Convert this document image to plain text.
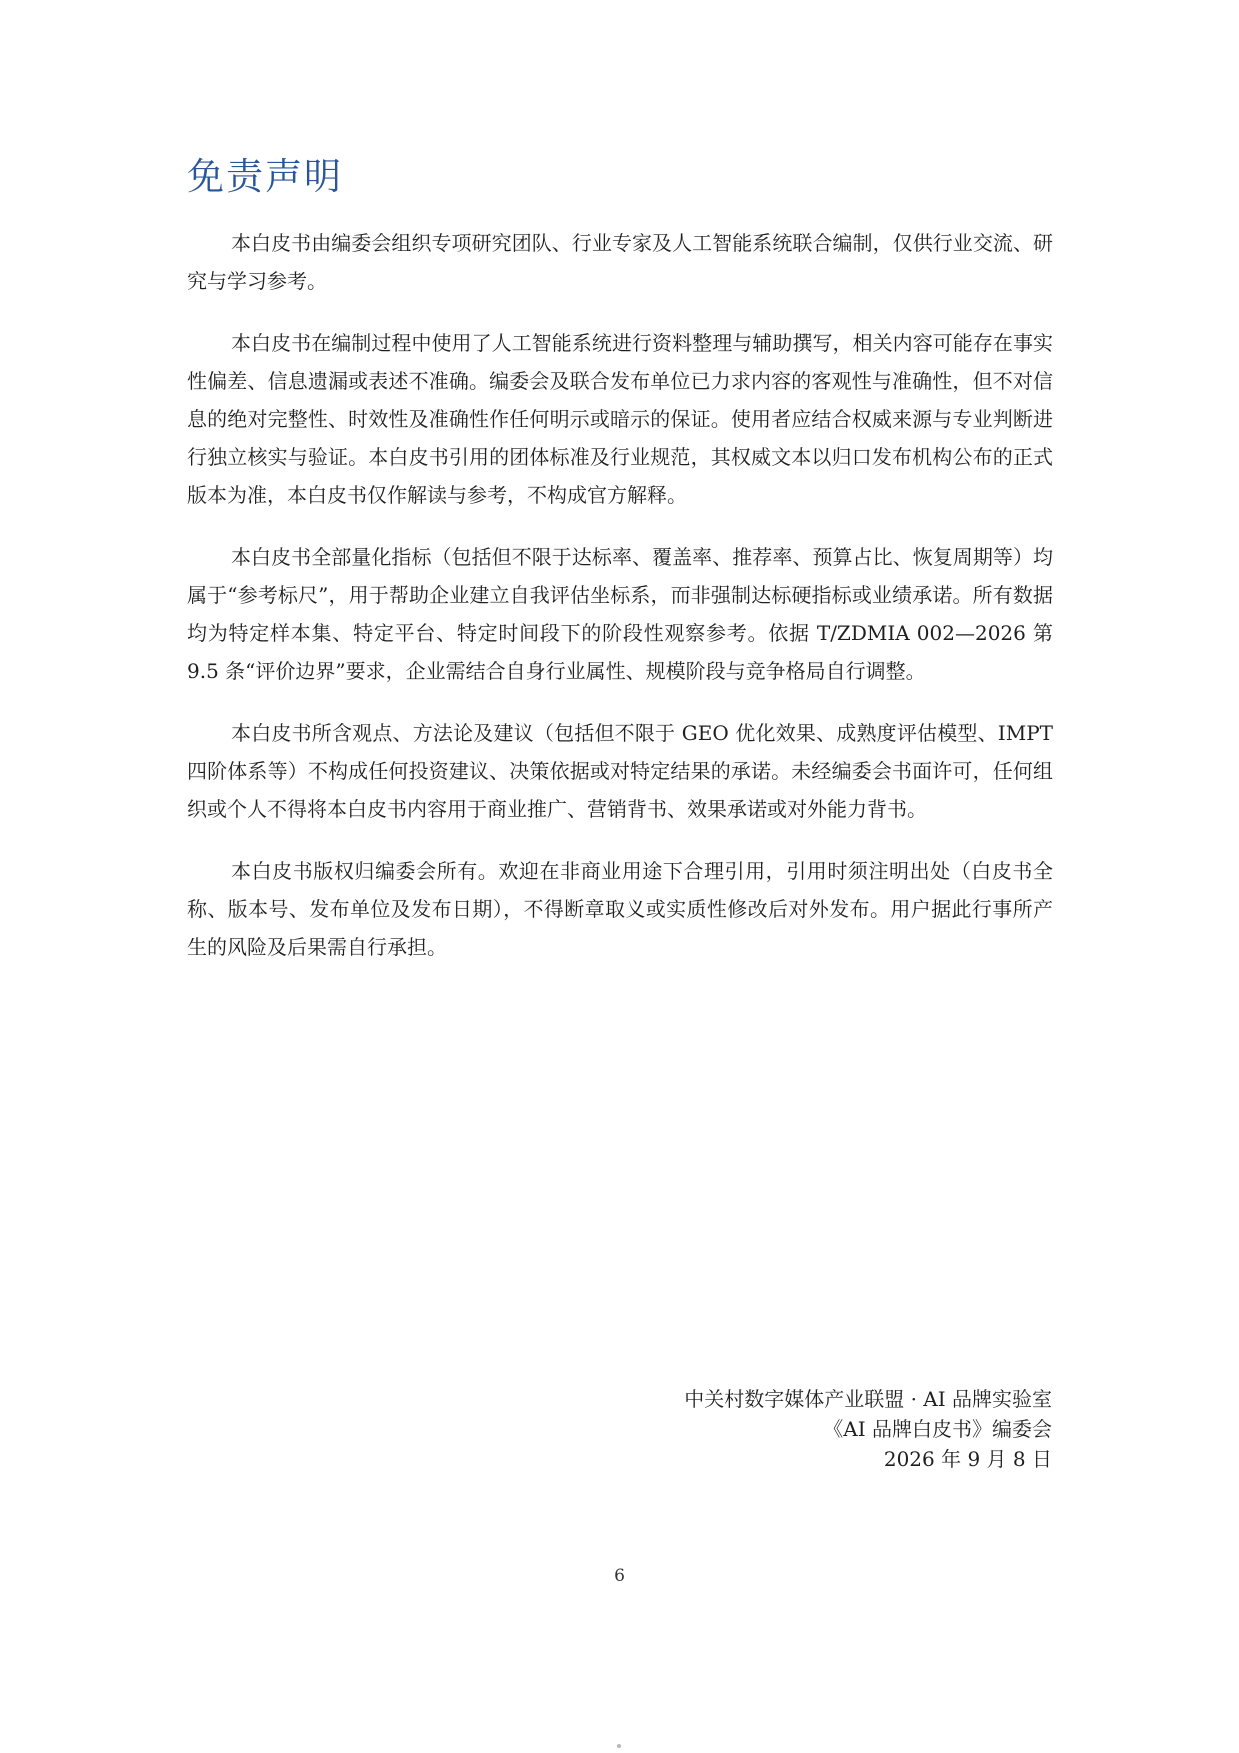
免责声明

本白皮书由编委会组织专项研究团队、行业专家及人工智能系统联合编制，仅供行业交流、研究与学习参考。

本白皮书在编制过程中使用了人工智能系统进行资料整理与辅助撰写，相关内容可能存在事实性偏差、信息遗漏或表述不准确。编委会及联合发布单位已力求内容的客观性与准确性，但不对信息的绝对完整性、时效性及准确性作任何明示或暗示的保证。使用者应结合权威来源与专业判断进行独立核实与验证。本白皮书引用的团体标准及行业规范，其权威文本以归口发布机构公布的正式版本为准，本白皮书仅作解读与参考，不构成官方解释。

本白皮书全部量化指标（包括但不限于达标率、覆盖率、推荐率、预算占比、恢复周期等）均属于“参考标尺”，用于帮助企业建立自我评估坐标系，而非强制达标硬指标或业绩承诺。所有数据均为特定样本集、特定平台、特定时间段下的阶段性观察参考。依据 T/ZDMIA 002—2026 第 9.5 条“评价边界”要求，企业需结合自身行业属性、规模阶段与竞争格局自行调整。

本白皮书所含观点、方法论及建议（包括但不限于 GEO 优化效果、成熟度评估模型、IMPT 四阶体系等）不构成任何投资建议、决策依据或对特定结果的承诺。未经编委会书面许可，任何组织或个人不得将本白皮书内容用于商业推广、营销背书、效果承诺或对外能力背书。

本白皮书版权归编委会所有。欢迎在非商业用途下合理引用，引用时须注明出处（白皮书全称、版本号、发布单位及发布日期），不得断章取义或实质性修改后对外发布。用户据此行事所产生的风险及后果需自行承担。

中关村数字媒体产业联盟 · AI 品牌实验室
《AI 品牌白皮书》编委会
2026 年 9 月 8 日
6
